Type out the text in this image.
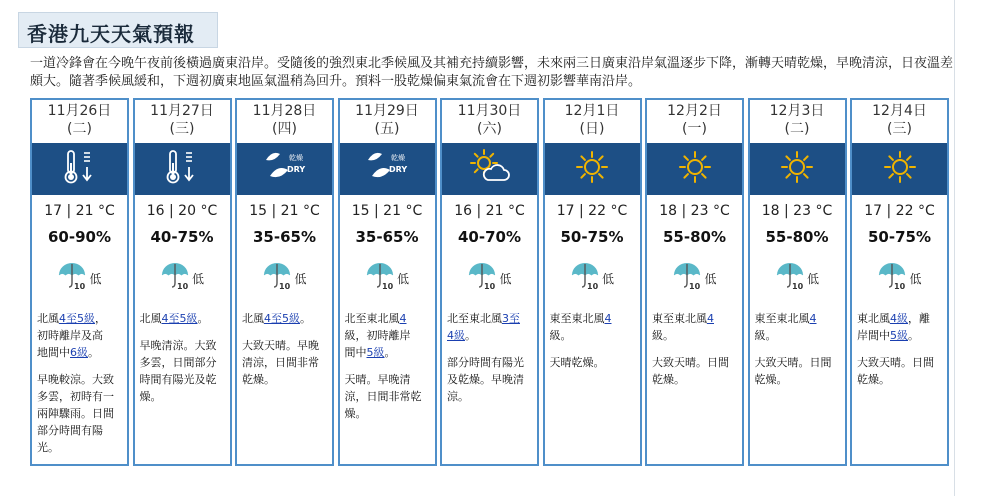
香港九天天氣預報
一道冷鋒會在今晚午夜前後橫過廣東沿岸。受隨後的強烈東北季候風及其補充持續影響，未來兩三日廣東沿岸氣溫逐步下降，漸轉天晴乾燥，早晚清涼，日夜溫差頗大。隨著季候風緩和，下週初廣東地區氣溫稍為回升。預料一股乾燥偏東氣流會在下週初影響華南沿岸。
11月26日
(二)
17 | 21 °C
60-90%
10
低
北風4至5級，
初時離岸及高
地間中6級。
早晚較涼。大致多雲，初時有一兩陣驟雨。日間部分時間有陽光。
11月27日
(三)
16 | 20 °C
40-75%
10
低
北風4至5級。
早晚清涼。大致多雲，日間部分時間有陽光及乾燥。
11月28日
(四)
乾燥
DRY
15 | 21 °C
35-65%
10
低
北風4至5級。
大致天晴。早晚清涼，日間非常乾燥。
11月29日
(五)
乾燥
DRY
15 | 21 °C
35-65%
10
低
北至東北風4
級，初時離岸
間中5級。
天晴。早晚清涼，日間非常乾燥。
11月30日
(六)
16 | 21 °C
40-70%
10
低
北至東北風3至
4級。
部分時間有陽光及乾燥。早晚清涼。
12月1日
(日)
17 | 22 °C
50-75%
10
低
東至東北風4
級。
天晴乾燥。
12月2日
(一)
18 | 23 °C
55-80%
10
低
東至東北風4
級。
大致天晴。日間乾燥。
12月3日
(二)
18 | 23 °C
55-80%
10
低
東至東北風4
級。
大致天晴。日間乾燥。
12月4日
(三)
17 | 22 °C
50-75%
10
低
東北風4級，離
岸間中5級。
大致天晴。日間乾燥。
